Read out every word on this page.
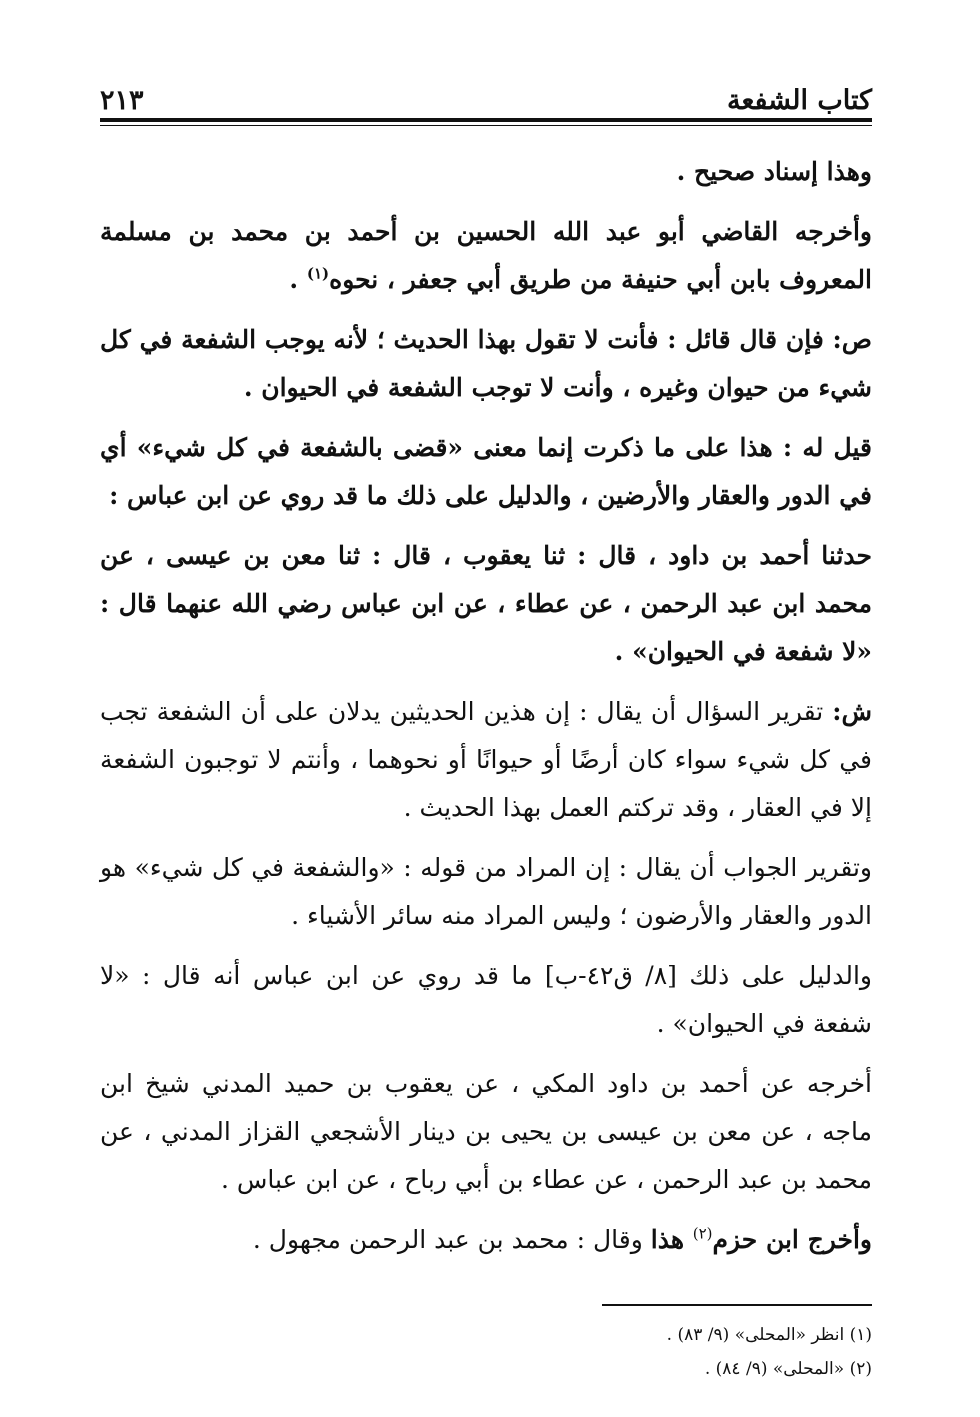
كتاب الشفعة
٢١٣

وهذا إسناد صحيح .

وأخرجه القاضي أبو عبد الله الحسين بن أحمد بن محمد بن مسلمة المعروف بابن أبي حنيفة من طريق أبي جعفر ، نحوه$^{(١)}$ .

ص: فإن قال قائل : فأنت لا تقول بهذا الحديث ؛ لأنه يوجب الشفعة في كل شيء من حيوان وغيره ، وأنت لا توجب الشفعة في الحيوان .

قيل له : هذا على ما ذكرت إنما معنى «قضى بالشفعة في كل شيء» أي في الدور والعقار والأرضين ، والدليل على ذلك ما قد روي عن ابن عباس :

حدثنا أحمد بن داود ، قال : ثنا يعقوب ، قال : ثنا معن بن عيسى ، عن محمد ابن عبد الرحمن ، عن عطاء ، عن ابن عباس رضي الله عنهما قال : «لا شفعة في الحيوان» .

ش: تقرير السؤال أن يقال : إن هذين الحديثين يدلان على أن الشفعة تجب في كل شيء سواء كان أرضًا أو حيوانًا أو نحوهما ، وأنتم لا توجبون الشفعة إلا في العقار ، وقد تركتم العمل بهذا الحديث .

وتقرير الجواب أن يقال : إن المراد من قوله : «والشفعة في كل شيء» هو الدور والعقار والأرضون ؛ وليس المراد منه سائر الأشياء .

والدليل على ذلك [٨/ ق٤٢-ب] ما قد روي عن ابن عباس أنه قال : «لا شفعة في الحيوان» .

أخرجه عن أحمد بن داود المكي ، عن يعقوب بن حميد المدني شيخ ابن ماجه ، عن معن بن عيسى بن يحيى بن دينار الأشجعي القزاز المدني ، عن محمد بن عبد الرحمن ، عن عطاء بن أبي رباح ، عن ابن عباس .

وأخرج ابن حزم$^{(٢)}$ هذا وقال : محمد بن عبد الرحمن مجهول .

(١) انظر «المحلى» (٩/ ٨٣) .

(٢) «المحلى» (٩/ ٨٤) .
